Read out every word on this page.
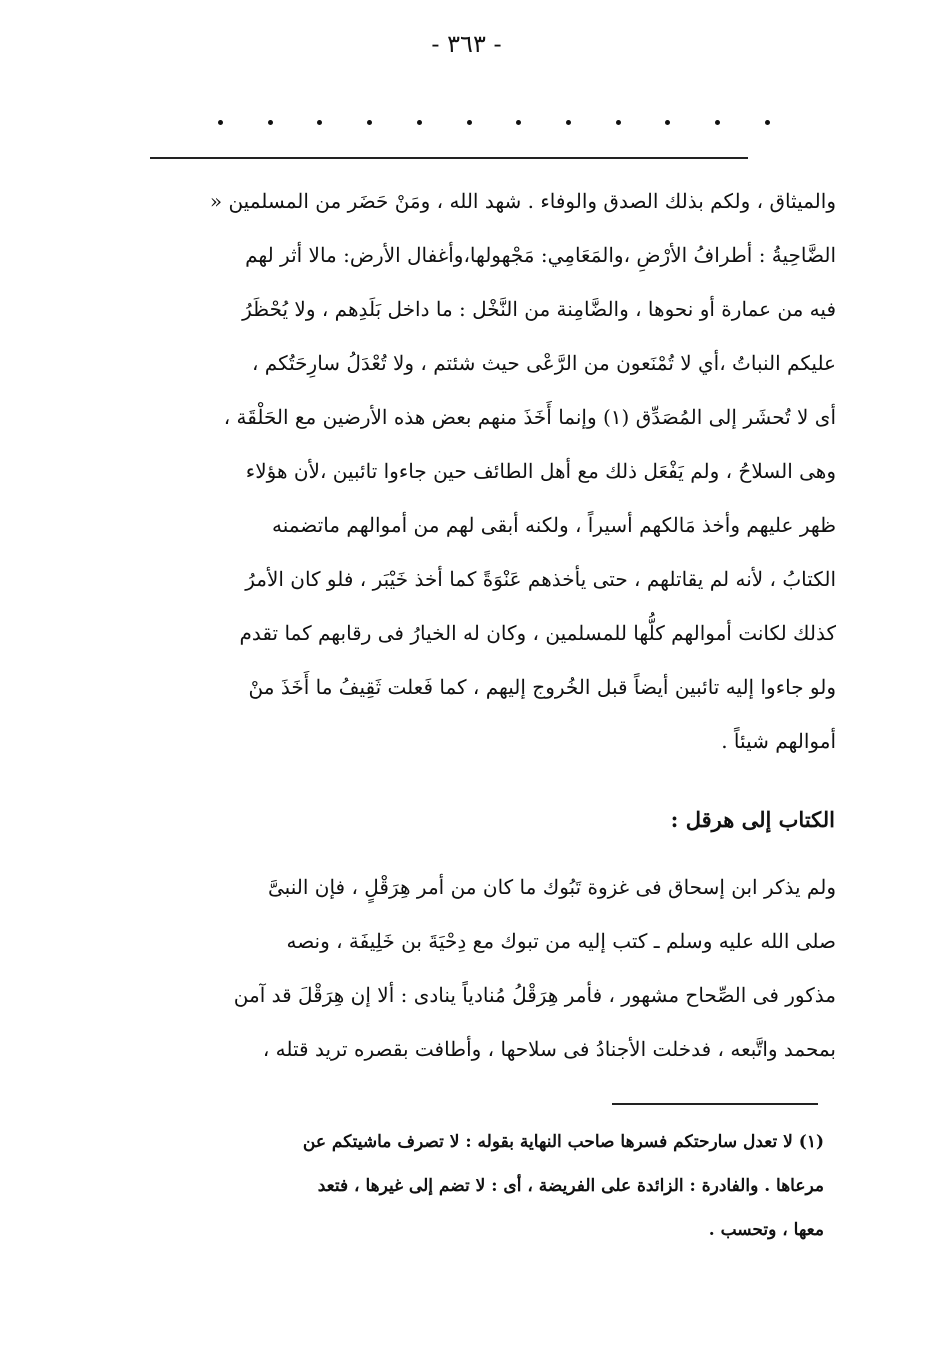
- ٣٦٣ -
والميثاق ، ولكم بذلك الصدق والوفاء . شهد الله ، ومَنْ حَضَر من المسلمين «
الضَّاحِيةُ : أطرافُ الأرْضِ ،والمَعَامِي: مَجْهولها،وأغفال الأرض: مالا أثر لهم
فيه من عمارة أو نحوها ، والضَّامِنة من النَّخْل : ما داخل بَلَدِهم ، ولا يُحْظَرُ
عليكم النباتُ ،أي لا تُمْنَعون من الرَّعْى حيث شئتم ، ولا تُعْدَلُ سارِحَتُكم ،
أى لا تُحشَر إلى المُصَدِّق (١) وإنما أَخَذَ منهم بعض هذه الأرضين مع الحَلْقَة ،
وهى السلاحُ ، ولم يَفْعَل ذلك مع أهل الطائف حين جاءوا تائبين ،لأن هؤلاء
ظهر عليهم وأخذ مَالكهم أسيراً ، ولكنه أبقى لهم من أموالهم ماتضمنه
الكتابُ ، لأنه لم يقاتلهم ، حتى يأخذهم عَنْوَةً كما أخذ خَيْبَر ، فلو كان الأمرُ
كذلك لكانت أموالهم كلُّها للمسلمين ، وكان له الخيارُ فى رقابهم كما تقدم
ولو جاءوا إليه تائبين أيضاً قبل الخُروج إليهم ، كما فَعلت ثَقِيفُ ما أَخَذَ منْ
أموالهم شيئاً .
الكتاب إلى هرقل :
ولم يذكر ابن إسحاق فى غزوة تَبُوك ما كان من أمر هِرَقْلٍ ، فإن النبىَّ
صلى الله عليه وسلم ـ كتب إليه من تبوك مع دِحْيَةَ بن خَلِيفَة ، ونصه
مذكور فى الصِّحاح مشهور ، فأمر هِرَقْلُ مُنادياً ينادى : ألا إن هِرَقْلَ قد آمن
بمحمد واتَّبعه ، فدخلت الأجنادُ فى سلاحها ، وأطافت بقصره تريد قتله ،
(١) لا تعدل سارحتكم فسرها صاحب النهاية بقوله : لا تصرف ماشيتكم عن
مرعاها . والفادرة : الزائدة على الفريضة ، أى : لا تضم إلى غيرها ، فتعد
معها ، وتحسب .
